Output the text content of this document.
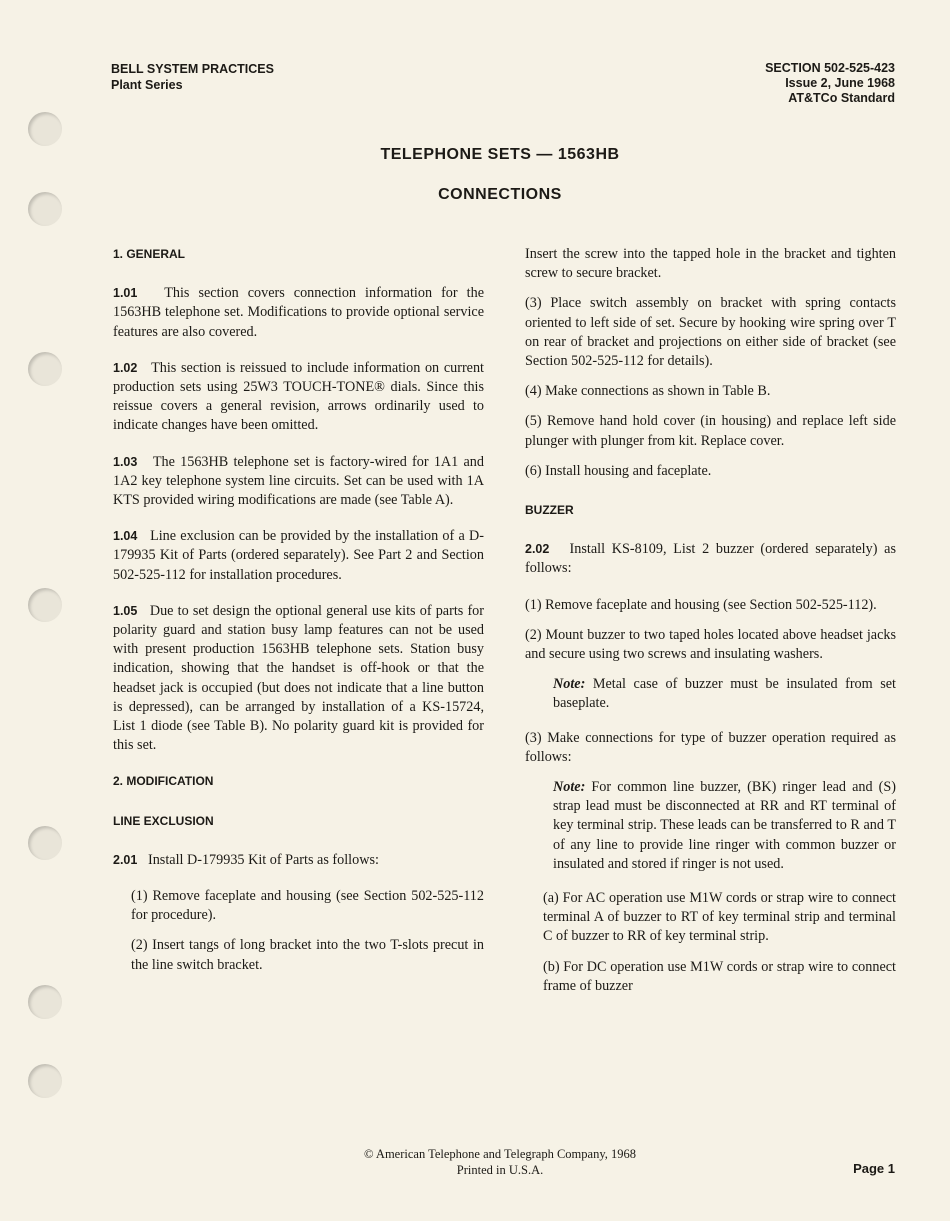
BELL SYSTEM PRACTICES
Plant Series
SECTION 502-525-423
Issue 2, June 1968
AT&TCo Standard
TELEPHONE SETS — 1563HB
CONNECTIONS

1. GENERAL

1.01 This section covers connection information for the 1563HB telephone set. Modifications to provide optional service features are also covered.

1.02 This section is reissued to include information on current production sets using 25W3 TOUCH-TONE® dials. Since this reissue covers a general revision, arrows ordinarily used to indicate changes have been omitted.

1.03 The 1563HB telephone set is factory-wired for 1A1 and 1A2 key telephone system line circuits. Set can be used with 1A KTS provided wiring modifications are made (see Table A).

1.04 Line exclusion can be provided by the installation of a D-179935 Kit of Parts (ordered separately). See Part 2 and Section 502-525-112 for installation procedures.

1.05 Due to set design the optional general use kits of parts for polarity guard and station busy lamp features can not be used with present production 1563HB telephone sets. Station busy indication, showing that the handset is off-hook or that the headset jack is occupied (but does not indicate that a line button is depressed), can be arranged by installation of a KS-15724, List 1 diode (see Table B). No polarity guard kit is provided for this set.

2. MODIFICATION

LINE EXCLUSION

2.01 Install D-179935 Kit of Parts as follows:

(1) Remove faceplate and housing (see Section 502-525-112 for procedure).

(2) Insert tangs of long bracket into the two T-slots precut in the line switch bracket.

Insert the screw into the tapped hole in the bracket and tighten screw to secure bracket.

(3) Place switch assembly on bracket with spring contacts oriented to left side of set. Secure by hooking wire spring over T on rear of bracket and projections on either side of bracket (see Section 502-525-112 for details).

(4) Make connections as shown in Table B.

(5) Remove hand hold cover (in housing) and replace left side plunger with plunger from kit. Replace cover.

(6) Install housing and faceplate.

BUZZER

2.02 Install KS-8109, List 2 buzzer (ordered separately) as follows:

(1) Remove faceplate and housing (see Section 502-525-112).

(2) Mount buzzer to two taped holes located above headset jacks and secure using two screws and insulating washers.

Note: Metal case of buzzer must be insulated from set baseplate.

(3) Make connections for type of buzzer operation required as follows:

Note: For common line buzzer, (BK) ringer lead and (S) strap lead must be disconnected at RR and RT terminal of key terminal strip. These leads can be transferred to R and T of any line to provide line ringer with common buzzer or insulated and stored if ringer is not used.

(a) For AC operation use M1W cords or strap wire to connect terminal A of buzzer to RT of key terminal strip and terminal C of buzzer to RR of key terminal strip.

(b) For DC operation use M1W cords or strap wire to connect frame of buzzer

© American Telephone and Telegraph Company, 1968
Printed in U.S.A.	Page 1
